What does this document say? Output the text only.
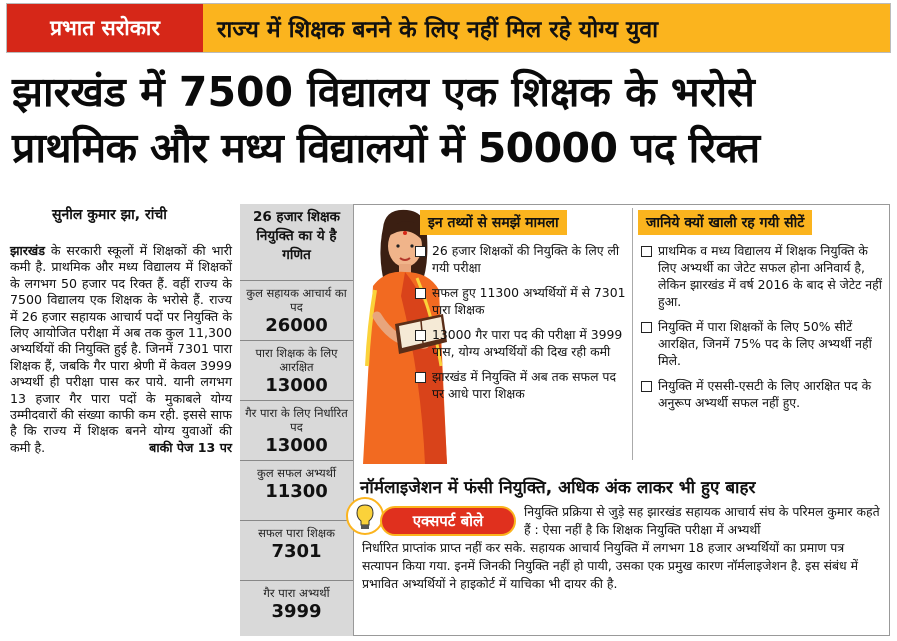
प्रभात सरोकार	राज्य में शिक्षक बनने के लिए नहीं मिल रहे योग्य युवा
झारखंड में 7500 विद्यालय एक शिक्षक के भरोसे
प्राथमिक और मध्य विद्यालयों में 50000 पद रिक्त
सुनील कुमार झा, रांची
झारखंड के सरकारी स्कूलों में शिक्षकों की भारी कमी है. प्राथमिक और मध्य विद्यालय में शिक्षकों के लगभग 50 हजार पद रिक्त हैं. वहीं राज्य के 7500 विद्यालय एक शिक्षक के भरोसे हैं. राज्य में 26 हजार सहायक आचार्य पदों पर नियुक्ति के लिए आयोजित परीक्षा में अब तक कुल 11,300 अभ्यर्थियों की नियुक्ति हुई है. जिनमें 7301 पारा शिक्षक हैं, जबकि गैर पारा श्रेणी में केवल 3999 अभ्यर्थी ही परीक्षा पास कर पाये. यानी लगभग 13 हजार गैर पारा पदों के मुकाबले योग्य उम्मीदवारों की संख्या काफी कम रही. इससे साफ है कि राज्य में शिक्षक बनने योग्य युवाओं की कमी है.	बाकी पेज 13 पर
26 हजार शिक्षक नियुक्ति का ये है गणित
कुल सहायक आचार्य का पद
26000
पारा शिक्षक के लिए आरक्षित
13000
गैर पारा के लिए निर्धारित पद
13000
कुल सफल अभ्यर्थी
11300
सफल पारा शिक्षक
7301
गैर पारा अभ्यर्थी
3999
इन तथ्यों से समझें मामला
26 हजार शिक्षकों की नियुक्ति के लिए ली गयी परीक्षा
सफल हुए 11300 अभ्यर्थियों में से 7301 पारा शिक्षक
13000 गैर पारा पद की परीक्षा में 3999 पास, योग्य अभ्यर्थियों की दिख रही कमी
झारखंड में नियुक्ति में अब तक सफल पद पर आधे पारा शिक्षक
जानिये क्यों खाली रह गयी सीटें
प्राथमिक व मध्य विद्यालय में शिक्षक नियुक्ति के लिए अभ्यर्थी का जेटेट सफल होना अनिवार्य है, लेकिन झारखंड में वर्ष 2016 के बाद से जेटेट नहीं हुआ.
नियुक्ति में पारा शिक्षकों के लिए 50% सीटें आरक्षित, जिनमें 75% पद के लिए अभ्यर्थी नहीं मिले.
नियुक्ति में एससी-एसटी के लिए आरक्षित पद के अनुरूप अभ्यर्थी सफल नहीं हुए.
नॉर्मलाइजेशन में फंसी नियुक्ति, अधिक अंक लाकर भी हुए बाहर
एक्सपर्ट बोले
नियुक्ति प्रक्रिया से जुड़े सह झारखंड सहायक आचार्य संघ के परिमल कुमार कहते हैं : ऐसा नहीं है कि शिक्षक नियुक्ति परीक्षा में अभ्यर्थी
निर्धारित प्राप्तांक प्राप्त नहीं कर सके. सहायक आचार्य नियुक्ति में लगभग 18 हजार अभ्यर्थियों का प्रमाण पत्र सत्यापन किया गया. इनमें जिनकी नियुक्ति नहीं हो पायी, उसका एक प्रमुख कारण नॉर्मलाइजेशन है. इस संबंध में प्रभावित अभ्यर्थियों ने हाइकोर्ट में याचिका भी दायर की है.
